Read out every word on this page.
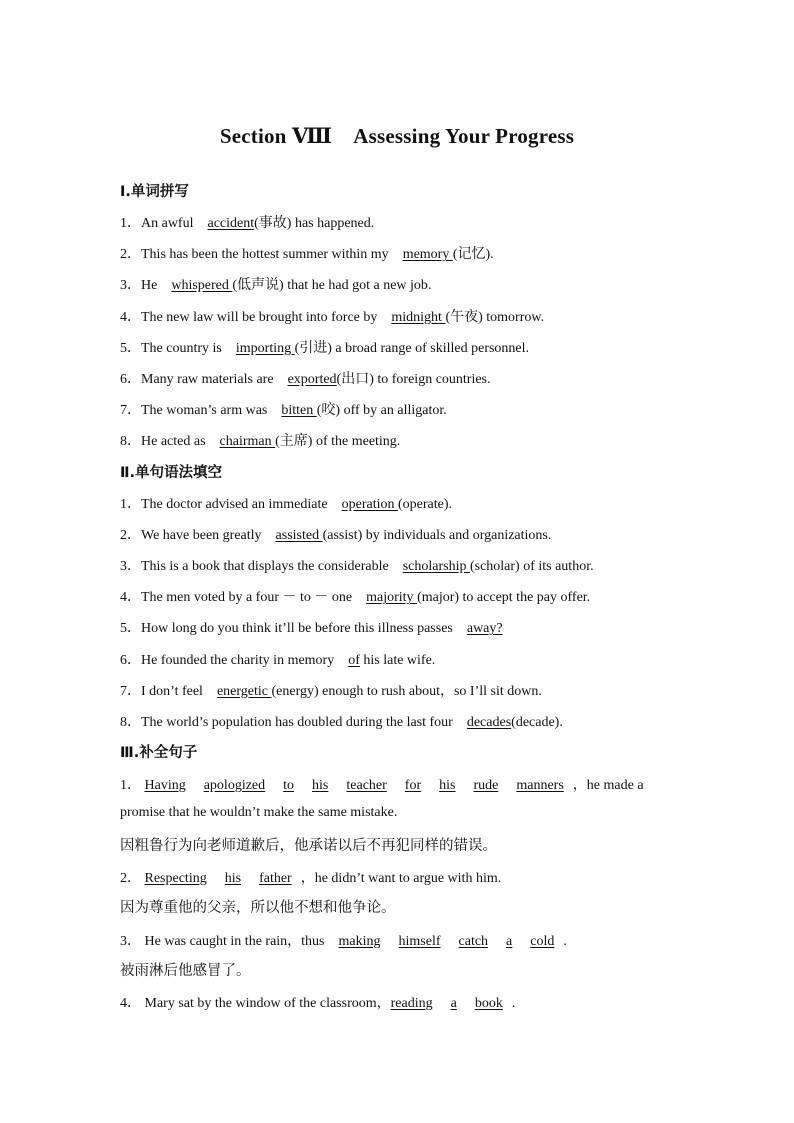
Section Ⅷ　Assessing Your Progress
Ⅰ.单词拼写
1．An awful accident(事故) has happened.
2．This has been the hottest summer within my memory (记忆).
3．He whispered (低声说) that he had got a new job.
4．The new law will be brought into force by midnight (午夜) tomorrow.
5．The country is importing (引进) a broad range of skilled personnel.
6．Many raw materials are exported(出口) to foreign countries.
7．The woman’s arm was bitten (咬) off by an alligator.
8．He acted as chairman (主席) of the meeting.
Ⅱ.单句语法填空
1．The doctor advised an immediate operation (operate).
2．We have been greatly assisted (assist) by individuals and organizations.
3．This is a book that displays the considerable scholarship (scholar) of its author.
4．The men voted by a four － to － one majority (major) to accept the pay offer.
5．How long do you think it’ll be before this illness passes away?
6．He founded the charity in memory of his late wife.
7．I don’t feel energetic (energy) enough to rush about，so I’ll sit down.
8．The world’s population has doubled during the last four decades(decade).
Ⅲ.补全句子
1． Having apologized to his teacher for his rude manners ，he made a
promise that he wouldn’t make the same mistake.
因粗鲁行为向老师道歉后，他承诺以后不再犯同样的错误。
2． Respecting his father ，he didn’t want to argue with him.
因为尊重他的父亲，所以他不想和他争论。
3． He was caught in the rain，thus making himself catch a cold .
被雨淋后他感冒了。
4． Mary sat by the window of the classroom，reading a book .
